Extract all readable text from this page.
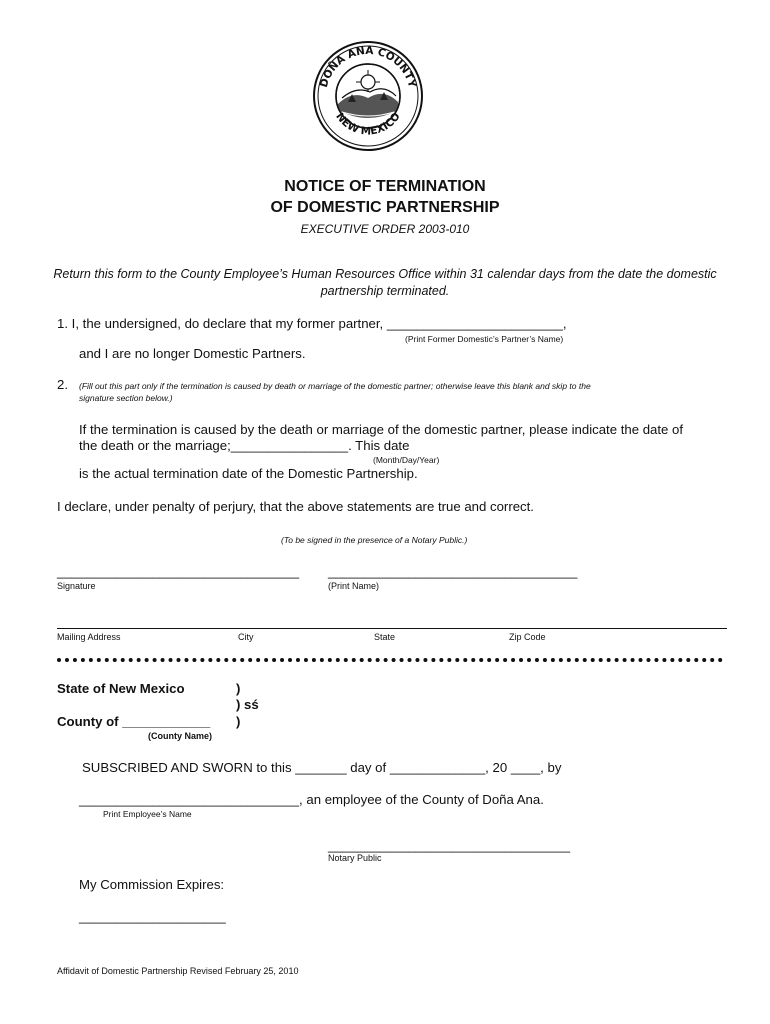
DOÑA ANA COUNTY
NEW MEXICO
NOTICE OF TERMINATION
OF DOMESTIC PARTNERSHIP
EXECUTIVE ORDER 2003-010
Return this form to the County Employee’s Human Resources Office within 31 calendar days from the date the domestic partnership terminated.
1. I, the undersigned, do declare that my former partner, ________________________,
(Print Former Domestic’s Partner’s Name)
and I are no longer Domestic Partners.
2. (Fill out this part only if the termination is caused by death or marriage of the domestic partner; otherwise leave this blank and skip to the
signature section below.)
If the termination is caused by the death or marriage of the domestic partner, please indicate the date of
the death or the marriage;________________. This date
(Month/Day/Year)
is the actual termination date of the Domestic Partnership.
I declare, under penalty of perjury, that the above statements are true and correct.
(To be signed in the presence of a Notary Public.)
_________________________________
Signature
__________________________________
(Print Name)
Mailing Address	City	State	Zip Code
State of New Mexico	)
) sś
County of ____________ )
(County Name)
SUBSCRIBED AND SWORN to this _______ day of _____________, 20 ____, by
______________________________, an employee of the County of Doña Ana.
Print Employee’s Name
_________________________________
Notary Public
My Commission Expires:
____________________
Affidavit of Domestic Partnership Revised February 25, 2010
